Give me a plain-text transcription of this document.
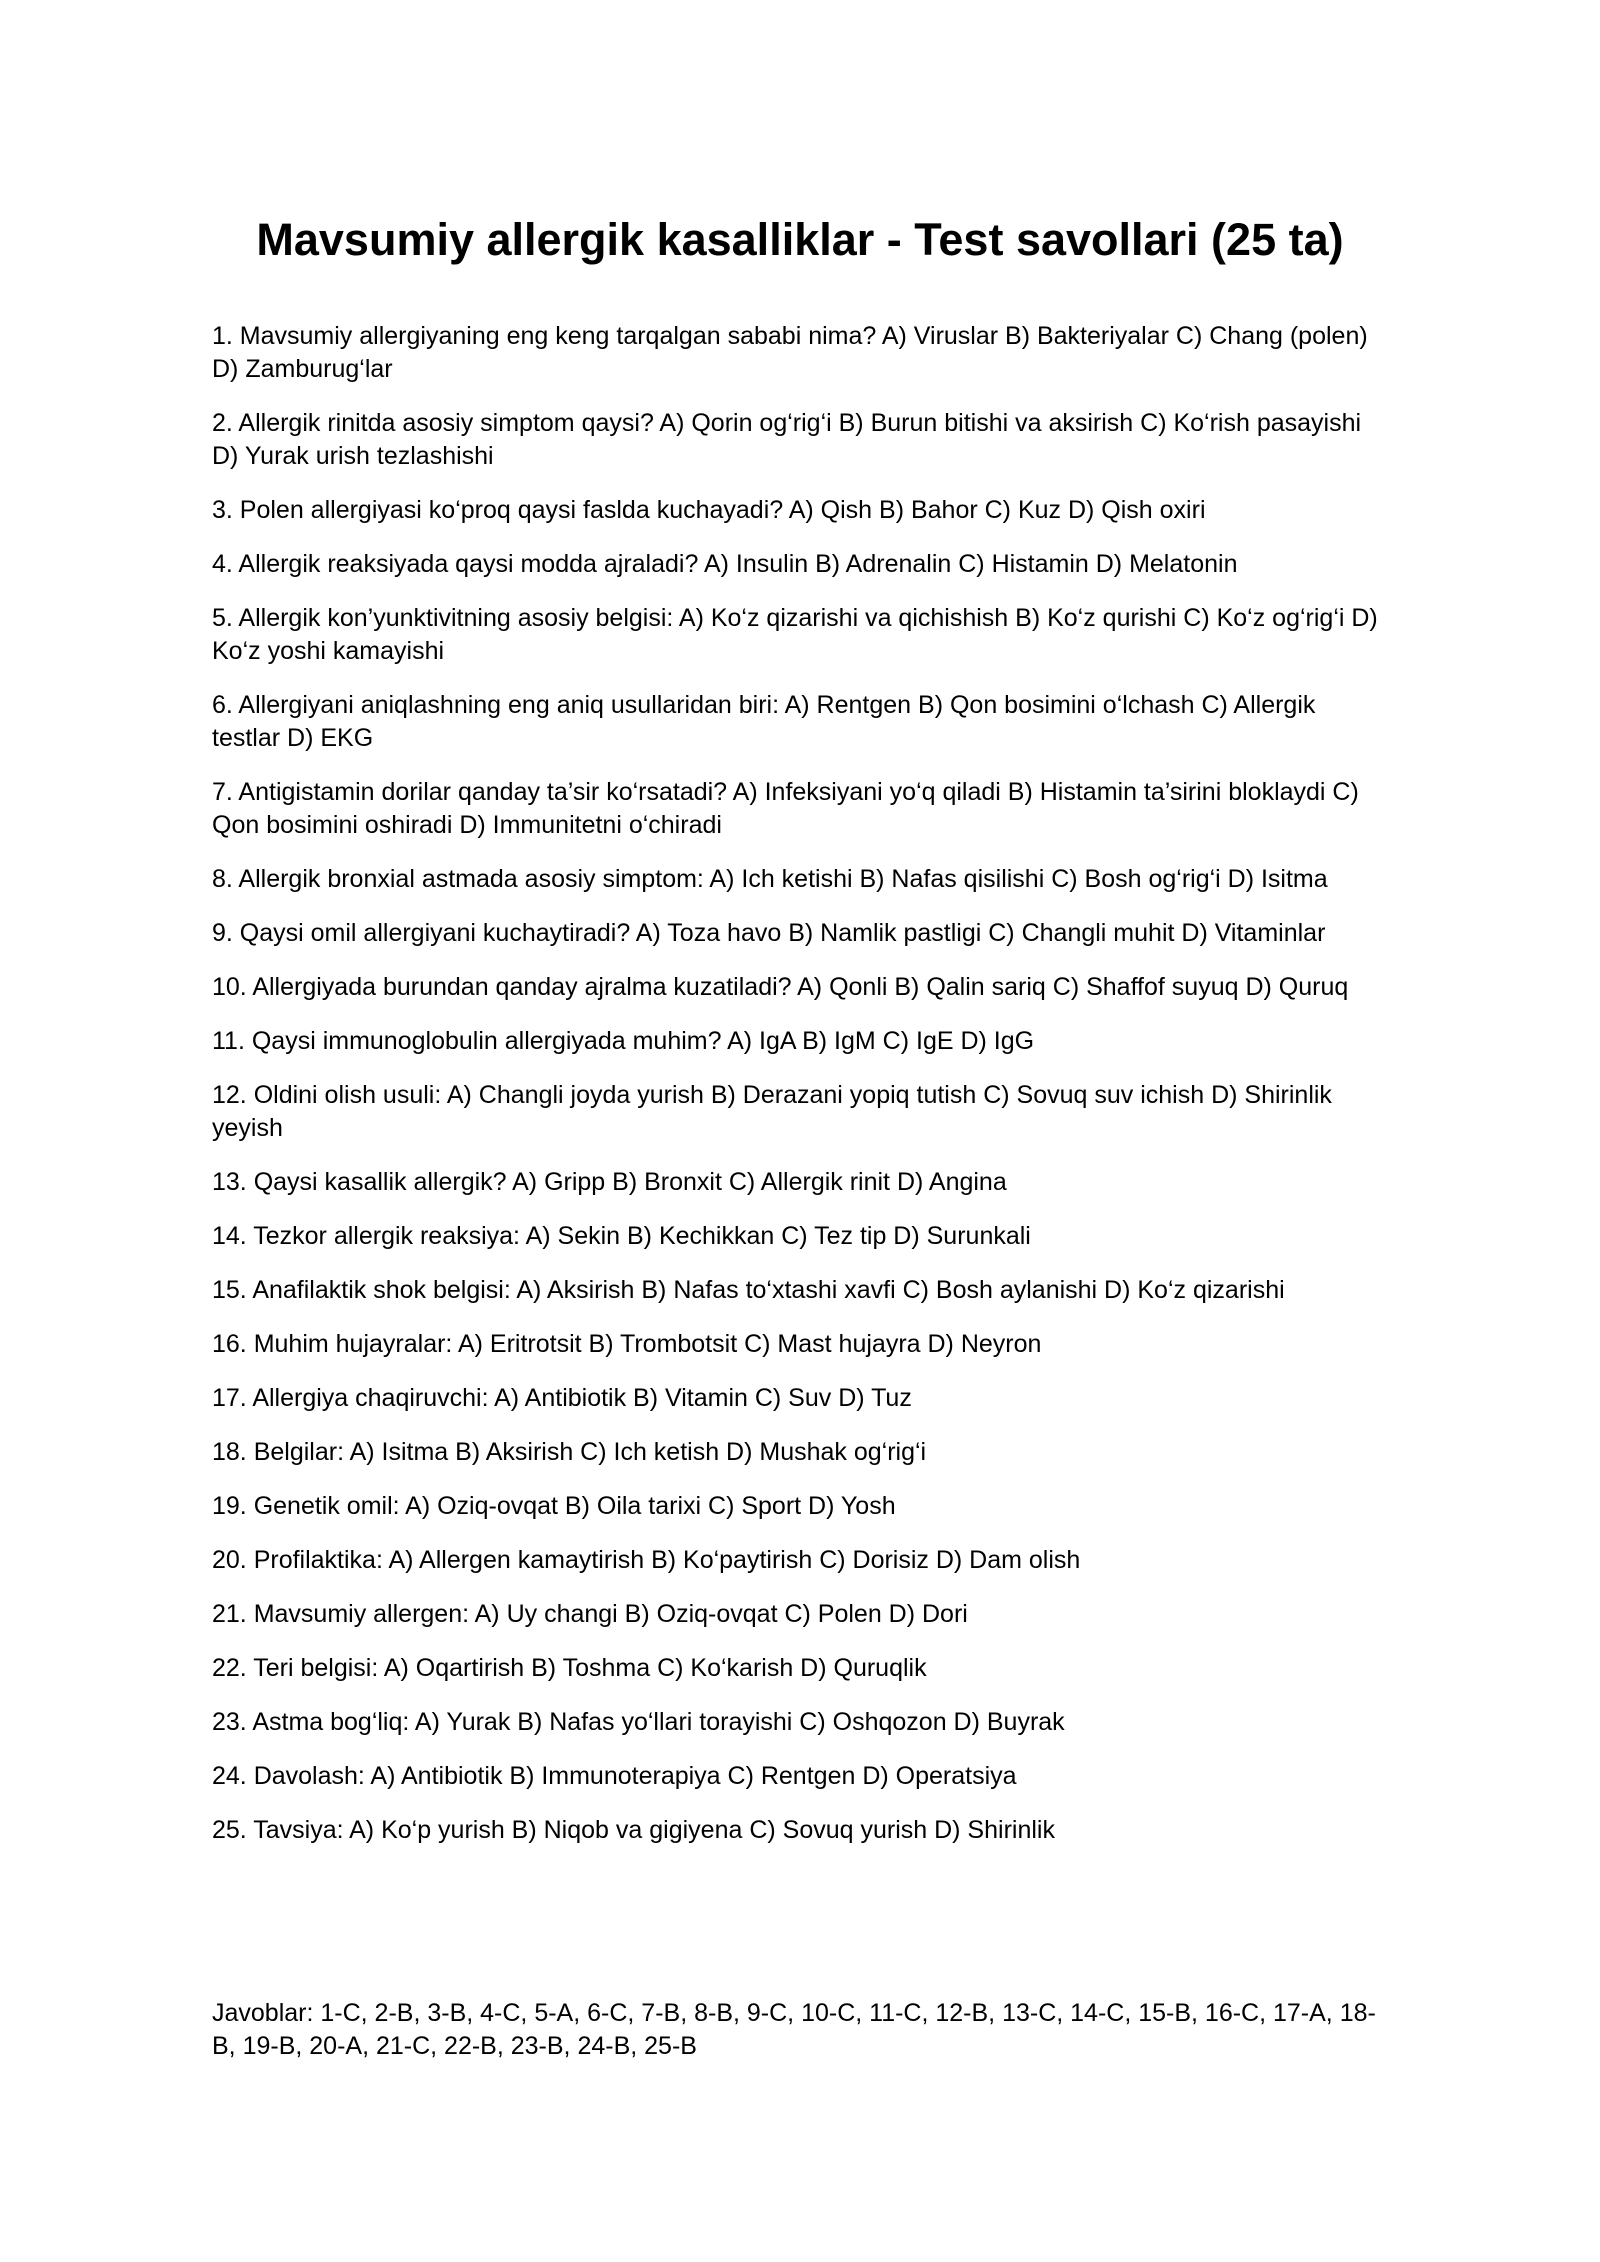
Mavsumiy allergik kasalliklar - Test savollari (25 ta)
1. Mavsumiy allergiyaning eng keng tarqalgan sababi nima? A) Viruslar B) Bakteriyalar C) Chang (polen) D) Zamburug‘lar
2. Allergik rinitda asosiy simptom qaysi? A) Qorin og‘rig‘i B) Burun bitishi va aksirish C) Ko‘rish pasayishi D) Yurak urish tezlashishi
3. Polen allergiyasi ko‘proq qaysi faslda kuchayadi? A) Qish B) Bahor C) Kuz D) Qish oxiri
4. Allergik reaksiyada qaysi modda ajraladi? A) Insulin B) Adrenalin C) Histamin D) Melatonin
5. Allergik kon’yunktivitning asosiy belgisi: A) Ko‘z qizarishi va qichishish B) Ko‘z qurishi C) Ko‘z og‘rig‘i D) Ko‘z yoshi kamayishi
6. Allergiyani aniqlashning eng aniq usullaridan biri: A) Rentgen B) Qon bosimini o‘lchash C) Allergik testlar D) EKG
7. Antigistamin dorilar qanday ta’sir ko‘rsatadi? A) Infeksiyani yo‘q qiladi B) Histamin ta’sirini bloklaydi C) Qon bosimini oshiradi D) Immunitetni o‘chiradi
8. Allergik bronxial astmada asosiy simptom: A) Ich ketishi B) Nafas qisilishi C) Bosh og‘rig‘i D) Isitma
9. Qaysi omil allergiyani kuchaytiradi? A) Toza havo B) Namlik pastligi C) Changli muhit D) Vitaminlar
10. Allergiyada burundan qanday ajralma kuzatiladi? A) Qonli B) Qalin sariq C) Shaffof suyuq D) Quruq
11. Qaysi immunoglobulin allergiyada muhim? A) IgA B) IgM C) IgE D) IgG
12. Oldini olish usuli: A) Changli joyda yurish B) Derazani yopiq tutish C) Sovuq suv ichish D) Shirinlik yeyish
13. Qaysi kasallik allergik? A) Gripp B) Bronxit C) Allergik rinit D) Angina
14. Tezkor allergik reaksiya: A) Sekin B) Kechikkan C) Tez tip D) Surunkali
15. Anafilaktik shok belgisi: A) Aksirish B) Nafas to‘xtashi xavfi C) Bosh aylanishi D) Ko‘z qizarishi
16. Muhim hujayralar: A) Eritrotsit B) Trombotsit C) Mast hujayra D) Neyron
17. Allergiya chaqiruvchi: A) Antibiotik B) Vitamin C) Suv D) Tuz
18. Belgilar: A) Isitma B) Aksirish C) Ich ketish D) Mushak og‘rig‘i
19. Genetik omil: A) Oziq-ovqat B) Oila tarixi C) Sport D) Yosh
20. Profilaktika: A) Allergen kamaytirish B) Ko‘paytirish C) Dorisiz D) Dam olish
21. Mavsumiy allergen: A) Uy changi B) Oziq-ovqat C) Polen D) Dori
22. Teri belgisi: A) Oqartirish B) Toshma C) Ko‘karish D) Quruqlik
23. Astma bog‘liq: A) Yurak B) Nafas yo‘llari torayishi C) Oshqozon D) Buyrak
24. Davolash: A) Antibiotik B) Immunoterapiya C) Rentgen D) Operatsiya
25. Tavsiya: A) Ko‘p yurish B) Niqob va gigiyena C) Sovuq yurish D) Shirinlik

Javoblar: 1-C, 2-B, 3-B, 4-C, 5-A, 6-C, 7-B, 8-B, 9-C, 10-C, 11-C, 12-B, 13-C, 14-C, 15-B, 16-C, 17-A, 18-B, 19-B, 20-A, 21-C, 22-B, 23-B, 24-B, 25-B
